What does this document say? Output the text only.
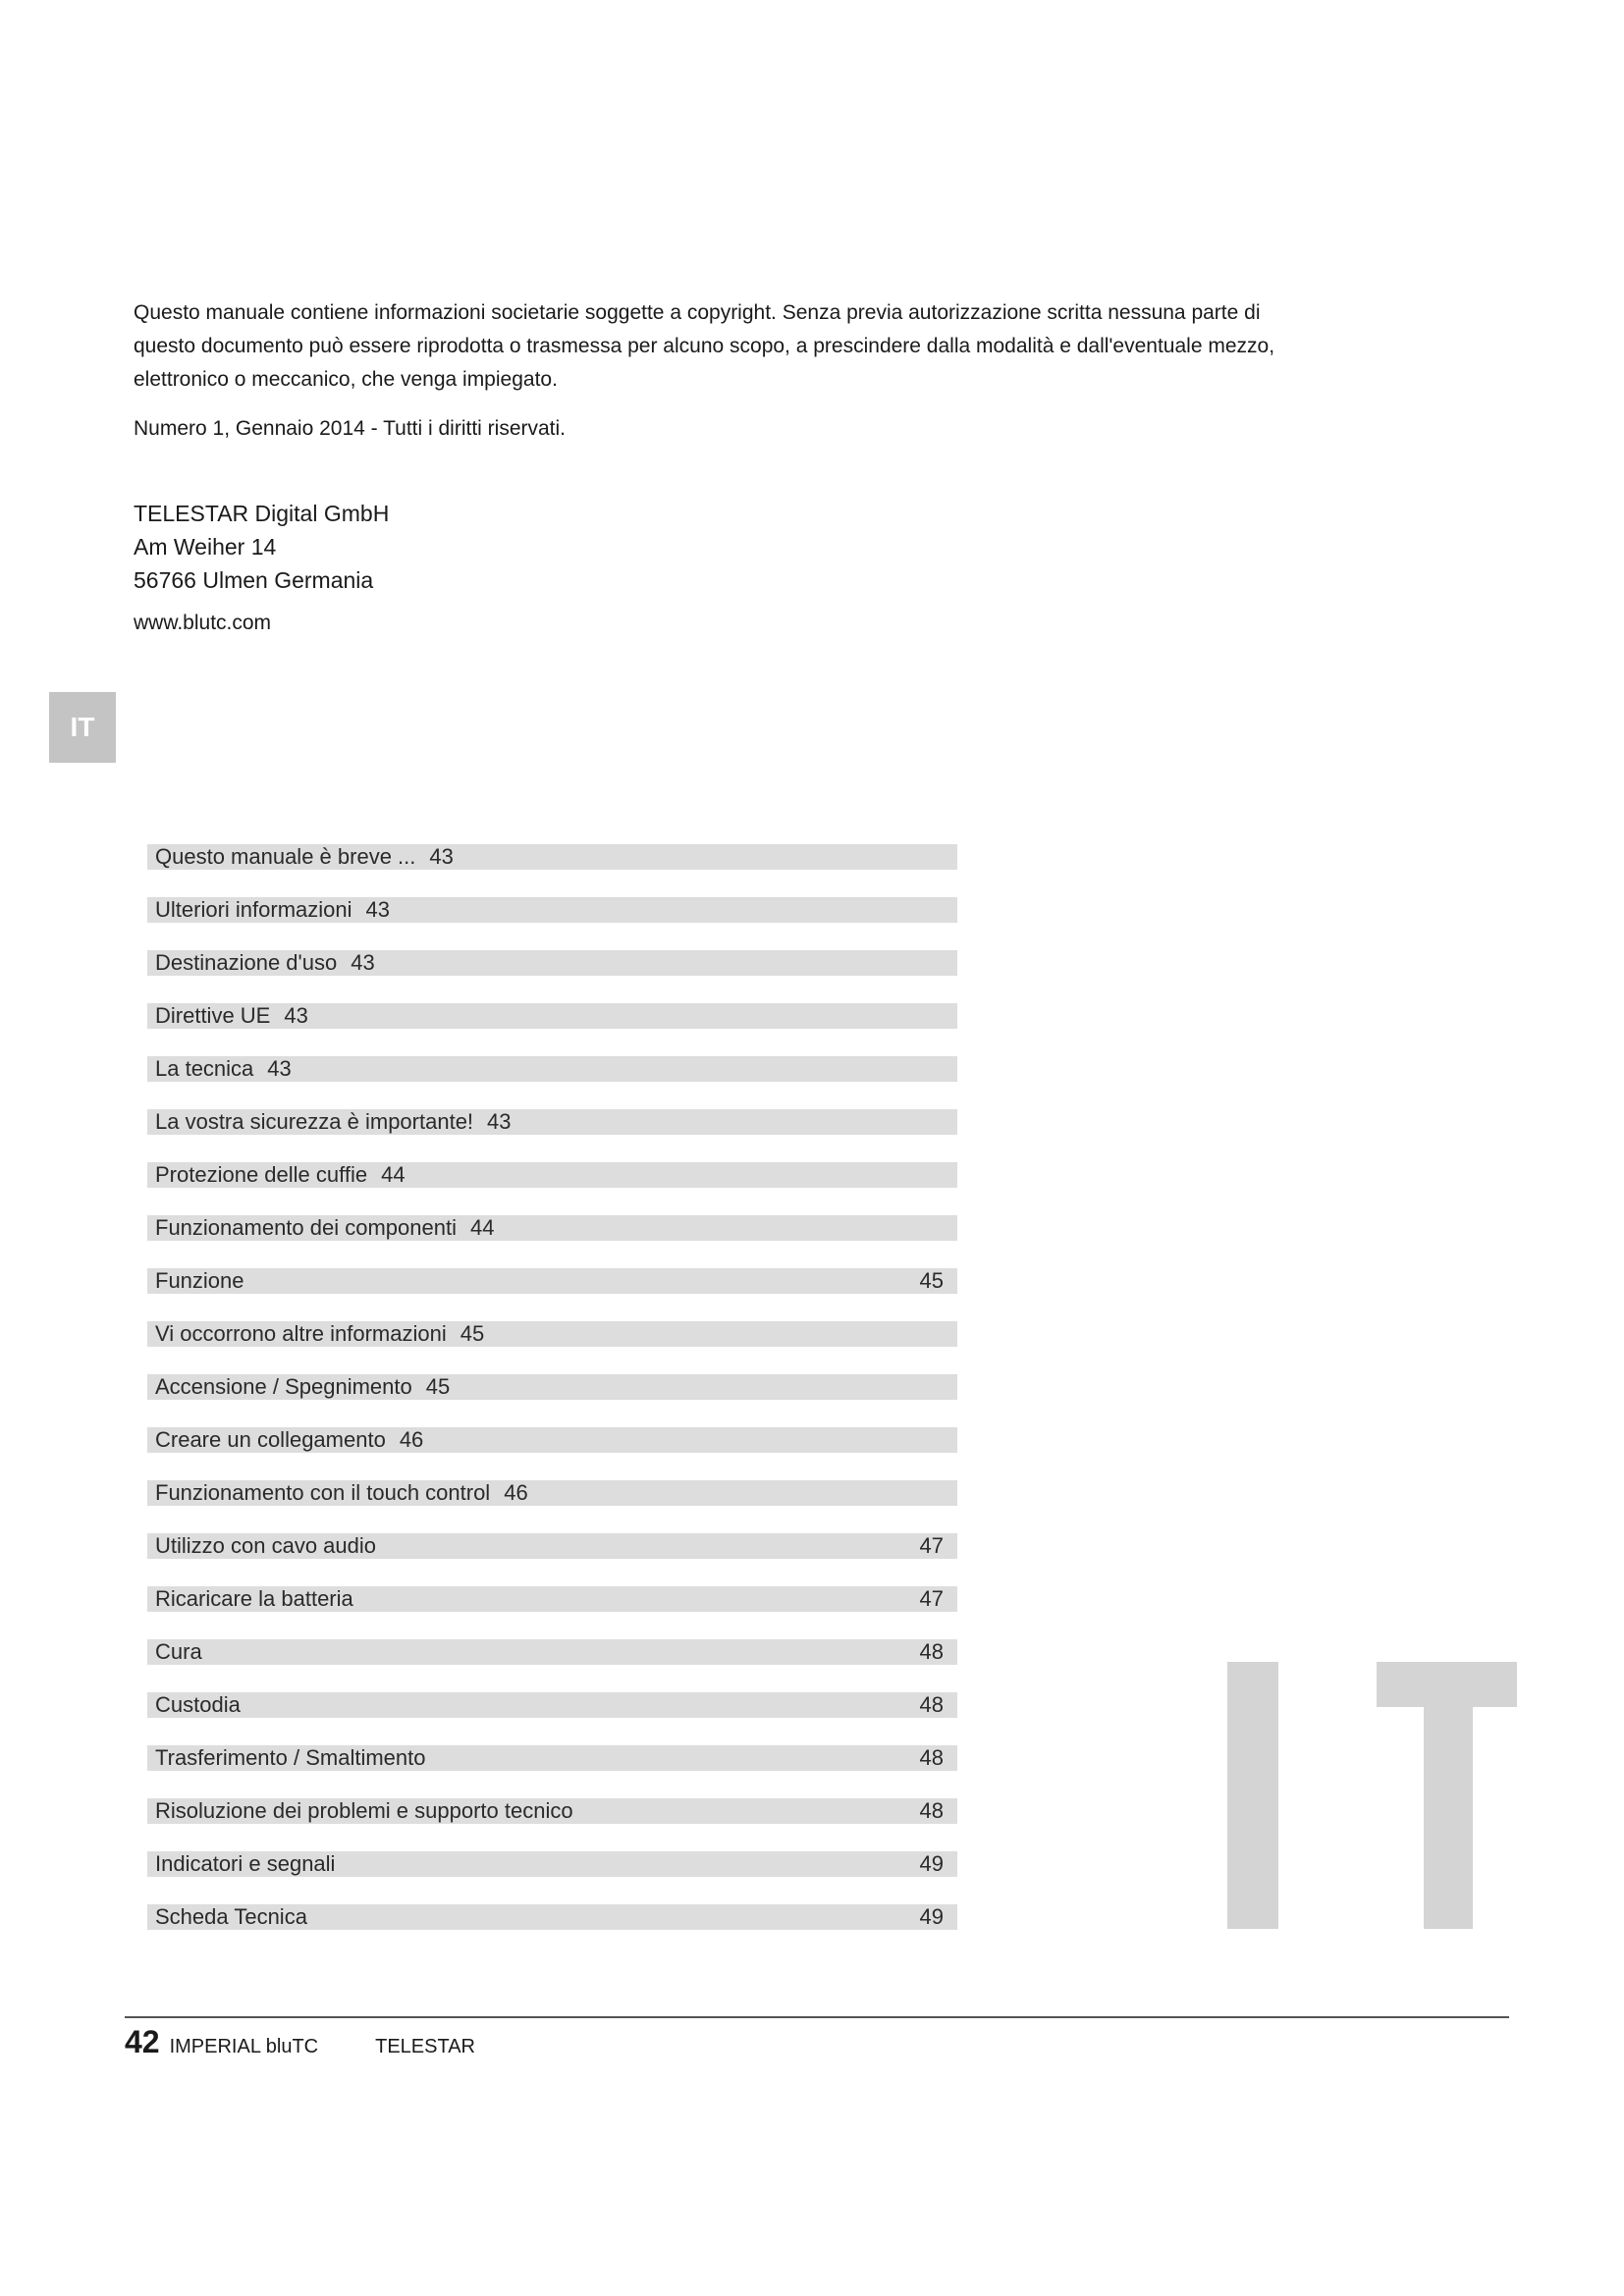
Questo manuale contiene informazioni societarie soggette a copyright. Senza previa autorizzazione scritta nessuna parte di questo documento può essere riprodotta o trasmessa per alcuno scopo, a prescindere dalla modalità e dall'eventuale mezzo, elettronico o meccanico, che venga impiegato.

Numero 1, Gennaio 2014 - Tutti i diritti riservati.

TELESTAR Digital GmbH
Am Weiher 14
56766 Ulmen Germania
www.blutc.com
IT
Questo manuale è breve ... 43
Ulteriori informazioni 43
Destinazione d'uso 43
Direttive UE 43
La tecnica 43
La vostra sicurezza è importante! 43
Protezione delle cuffie 44
Funzionamento dei componenti 44
Funzione	45
Vi occorrono altre informazioni 45
Accensione / Spegnimento 45
Creare un collegamento 46
Funzionamento con il touch control 46
Utilizzo con cavo audio	47
Ricaricare la batteria	47
Cura	48
Custodia	48
Trasferimento / Smaltimento	48
Risoluzione dei problemi e supporto tecnico	48
Indicatori e segnali	49
Scheda Tecnica	49
42 IMPERIAL bluTC	TELESTAR
